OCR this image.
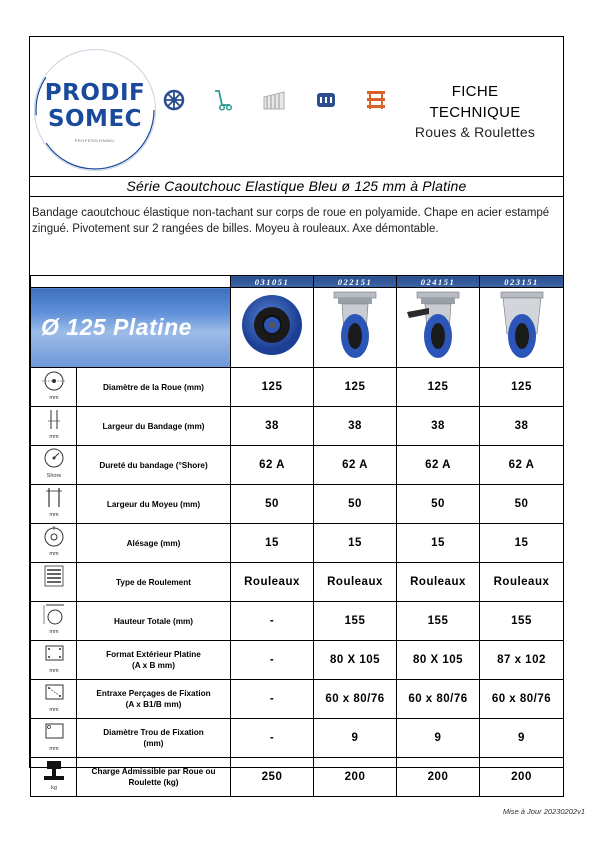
PRODIF
SOMEC
PROFESSIONNEL
FICHE
TECHNIQUE
Roues & Roulettes
Série Caoutchouc Elastique Bleu ø 125 mm à Platine
Bandage caoutchouc élastique non-tachant sur corps de roue en polyamide. Chape en acier estampé zingué. Pivotement sur 2 rangées de billes. Moyeu à rouleaux. Axe démontable.
		031051	022151	024151	023151
Ø 125 Platine				

mm	Diamètre de la Roue (mm)	125	125	125	125

mm	Largeur du Bandage (mm)	38	38	38	38

Shore	Dureté du bandage (°Shore)	62 A	62 A	62 A	62 A

mm	Largeur du Moyeu (mm)	50	50	50	50

mm	Alésage (mm)	15	15	15	15

	Type de Roulement	Rouleaux	Rouleaux	Rouleaux	Rouleaux

mm	Hauteur Totale (mm)	-	155	155	155

mm	Format Extérieur Platine
(A x B mm)	-	80 X 105	80 X 105	87 x 102

mm	Entraxe Perçages de Fixation
(A x B1/B mm)	-	60 x 80/76	60 x 80/76	60 x 80/76

mm	Diamètre Trou de Fixation
(mm)	-	9	9	9

kg	Charge Admissible par Roue ou
Roulette (kg)	250	200	200	200
Mise à Jour 20230202v1
